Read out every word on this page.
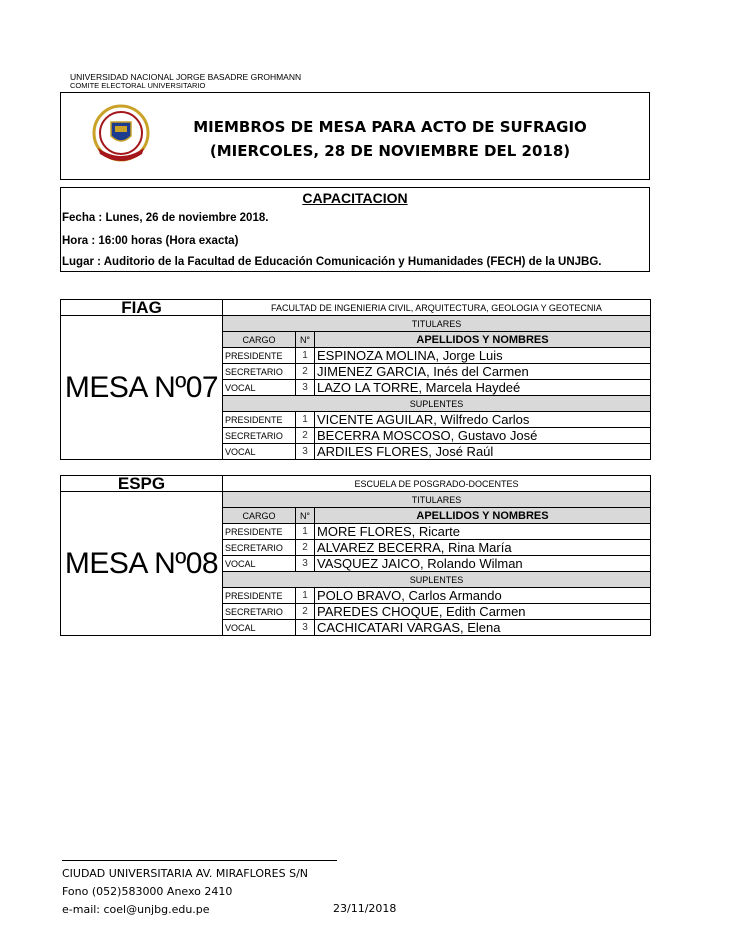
UNIVERSIDAD NACIONAL JORGE BASADRE GROHMANN
COMITE ELECTORAL UNIVERSITARIO
MIEMBROS DE MESA PARA ACTO DE SUFRAGIO
(MIERCOLES, 28 DE NOVIEMBRE DEL 2018)
CAPACITACION
Fecha : Lunes, 26 de noviembre 2018.
Hora : 16:00 horas (Hora exacta)
Lugar : Auditorio de la Facultad de Educación Comunicación y Humanidades (FECH) de la UNJBG.
FIAG	FACULTAD DE INGENIERIA CIVIL, ARQUITECTURA, GEOLOGIA Y GEOTECNIA		
MESA Nº07	TITULARES		
	CARGO	N°	APELLIDOS Y NOMBRES
	PRESIDENTE	1	ESPINOZA MOLINA, Jorge Luis
	SECRETARIO	2	JIMENEZ GARCIA, Inés del Carmen
	VOCAL	3	LAZO LA TORRE, Marcela Haydeé
	SUPLENTES		
	PRESIDENTE	1	VICENTE AGUILAR, Wilfredo Carlos
	SECRETARIO	2	BECERRA MOSCOSO, Gustavo José
	VOCAL	3	ARDILES FLORES, José Raúl
ESPG	ESCUELA DE POSGRADO-DOCENTES		
MESA Nº08	TITULARES		
	CARGO	N°	APELLIDOS Y NOMBRES
	PRESIDENTE	1	MORE FLORES, Ricarte
	SECRETARIO	2	ALVAREZ BECERRA, Rina María
	VOCAL	3	VASQUEZ JAICO, Rolando Wilman
	SUPLENTES		
	PRESIDENTE	1	POLO BRAVO, Carlos Armando
	SECRETARIO	2	PAREDES CHOQUE, Edith Carmen
	VOCAL	3	CACHICATARI VARGAS, Elena
CIUDAD UNIVERSITARIA AV. MIRAFLORES S/N
Fono (052)583000 Anexo 2410
e-mail: coel@unjbg.edu.pe	23/11/2018
